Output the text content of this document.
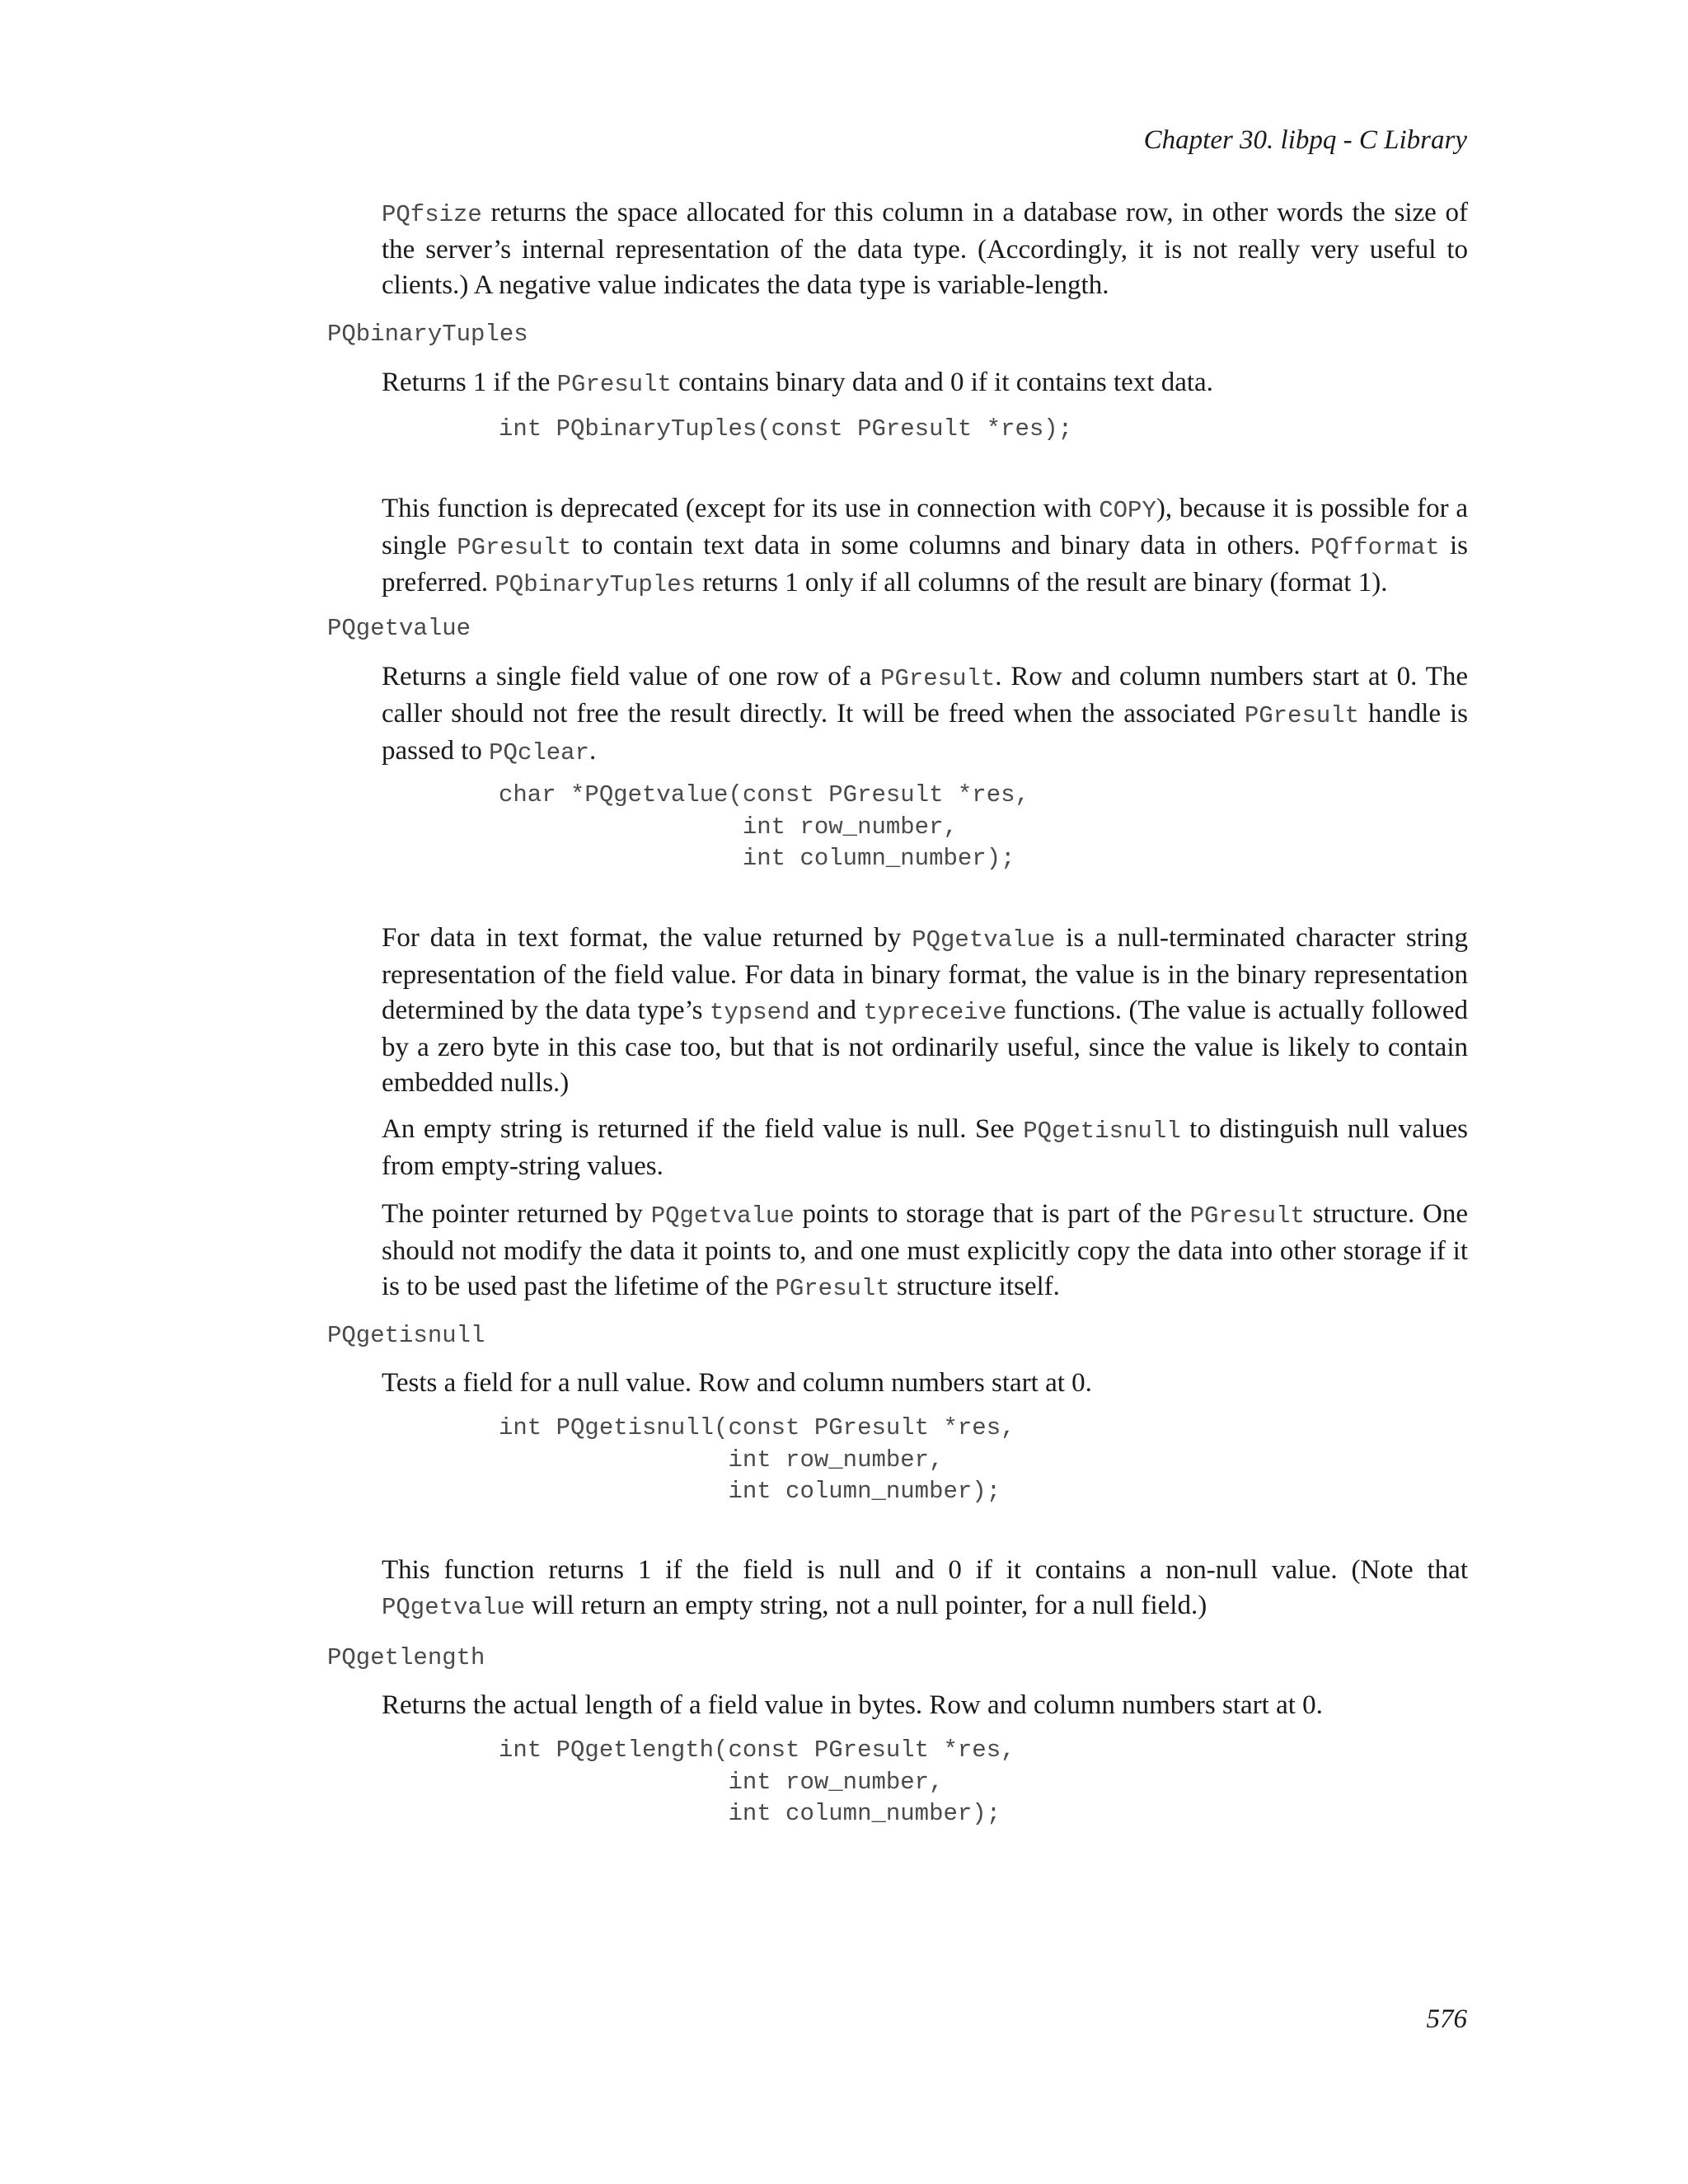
Chapter 30. libpq - C Library

PQfsize returns the space allocated for this column in a database row, in other words the size of the server’s internal representation of the data type. (Accordingly, it is not really very useful to clients.) A negative value indicates the data type is variable-length.

PQbinaryTuples

Returns 1 if the PGresult contains binary data and 0 if it contains text data.

int PQbinaryTuples(const PGresult *res);

This function is deprecated (except for its use in connection with COPY), because it is possible for a single PGresult to contain text data in some columns and binary data in others. PQfformat is preferred. PQbinaryTuples returns 1 only if all columns of the result are binary (format 1).

PQgetvalue

Returns a single field value of one row of a PGresult. Row and column numbers start at 0. The caller should not free the result directly. It will be freed when the associated PGresult handle is passed to PQclear.

char *PQgetvalue(const PGresult *res,
int row_number,
int column_number);

For data in text format, the value returned by PQgetvalue is a null-terminated character string representation of the field value. For data in binary format, the value is in the binary representation determined by the data type’s typsend and typreceive functions. (The value is actually followed by a zero byte in this case too, but that is not ordinarily useful, since the value is likely to contain embedded nulls.)

An empty string is returned if the field value is null. See PQgetisnull to distinguish null values from empty-string values.

The pointer returned by PQgetvalue points to storage that is part of the PGresult structure. One should not modify the data it points to, and one must explicitly copy the data into other storage if it is to be used past the lifetime of the PGresult structure itself.

PQgetisnull

Tests a field for a null value. Row and column numbers start at 0.

int PQgetisnull(const PGresult *res,
int row_number,
int column_number);

This function returns 1 if the field is null and 0 if it contains a non-null value. (Note that PQgetvalue will return an empty string, not a null pointer, for a null field.)

PQgetlength

Returns the actual length of a field value in bytes. Row and column numbers start at 0.

int PQgetlength(const PGresult *res,
int row_number,
int column_number);
576
